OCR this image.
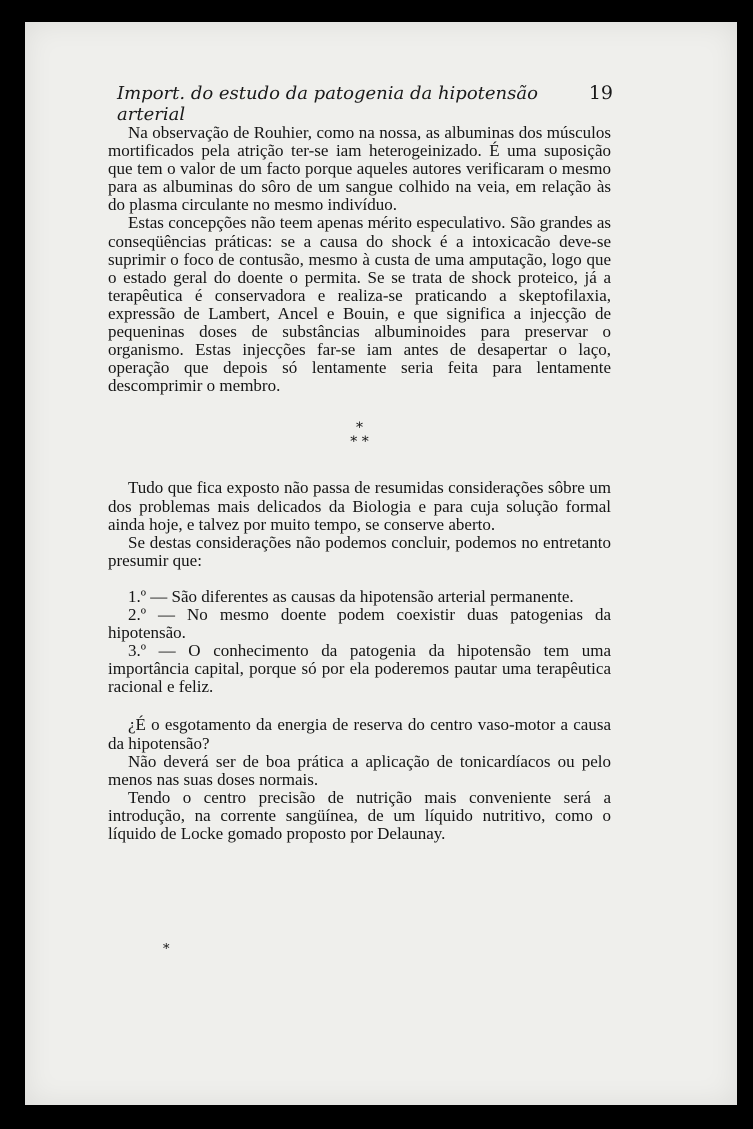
Import. do estudo da patogenia da hipotensão arterial
19

Na observação de Rouhier, como na nossa, as albuminas dos músculos mortificados pela atrição ter-se iam heterogeinizado. É uma suposição que tem o valor de um facto porque aqueles autores verificaram o mesmo para as albuminas do sôro de um sangue colhido na veia, em relação às do plasma circulante no mesmo indivíduo.

Estas concepções não teem apenas mérito especulativo. São grandes as conseqüências práticas: se a causa do shock é a intoxicacão deve-se suprimir o foco de contusão, mesmo à custa de uma amputação, logo que o estado geral do doente o permita. Se se trata de shock proteico, já a terapêutica é conservadora e realiza-se praticando a skeptofilaxia, expressão de Lambert, Ancel e Bouin, e que significa a injecção de pequeninas doses de substâncias albuminoides para preservar o organismo. Estas injecções far-se iam antes de desapertar o laço, operação que depois só lentamente seria feita para lentamente descomprimir o membro.

*
* *

Tudo que fica exposto não passa de resumidas considerações sôbre um dos problemas mais delicados da Biologia e para cuja solução formal ainda hoje, e talvez por muito tempo, se conserve aberto.

Se destas considerações não podemos concluir, podemos no entretanto presumir que:

1.º — São diferentes as causas da hipotensão arterial permanente.

2.º — No mesmo doente podem coexistir duas patogenias da hipotensão.

3.º — O conhecimento da patogenia da hipotensão tem uma importância capital, porque só por ela poderemos pautar uma terapêutica racional e feliz.

¿É o esgotamento da energia de reserva do centro vaso-motor a causa da hipotensão?

Não deverá ser de boa prática a aplicação de tonicardíacos ou pelo menos nas suas doses normais.

Tendo o centro precisão de nutrição mais conveniente será a introdução, na corrente sangüínea, de um líquido nutritivo, como o líquido de Locke gomado proposto por Delaunay.

*
